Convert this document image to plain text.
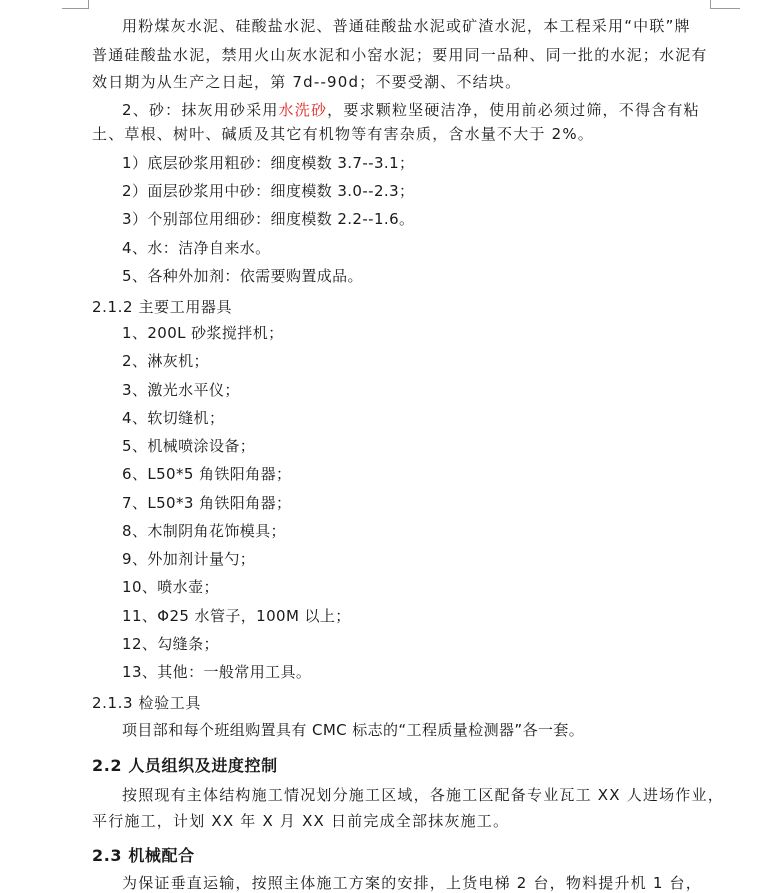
用粉煤灰水泥、硅酸盐水泥、普通硅酸盐水泥或矿渣水泥，本工程采用“中联”牌
普通硅酸盐水泥，禁用火山灰水泥和小窑水泥；要用同一品种、同一批的水泥；水泥有
效日期为从生产之日起，第 7d--90d；不要受潮、不结块。
2、砂：抹灰用砂采用水洗砂，要求颗粒坚硬洁净，使用前必须过筛，不得含有粘
土、草根、树叶、碱质及其它有机物等有害杂质，含水量不大于 2%。
1）底层砂浆用粗砂：细度模数 3.7--3.1；
2）面层砂浆用中砂：细度模数 3.0--2.3；
3）个别部位用细砂：细度模数 2.2--1.6。
4、水：洁净自来水。
5、各种外加剂：依需要购置成品。
2.1.2 主要工用器具
1、200L 砂浆搅拌机；
2、淋灰机；
3、激光水平仪；
4、软切缝机；
5、机械喷涂设备；
6、L50*5 角铁阳角器；
7、L50*3 角铁阳角器；
8、木制阴角花饰模具；
9、外加剂计量勺；
10、喷水壶；
11、Φ25 水管子，100M 以上；
12、勾缝条；
13、其他：一般常用工具。
2.1.3 检验工具
项目部和每个班组购置具有 CMC 标志的“工程质量检测器”各一套。
2.2 人员组织及进度控制
按照现有主体结构施工情况划分施工区域，各施工区配备专业瓦工 XX 人进场作业，
平行施工，计划 XX 年 X 月 XX 日前完成全部抹灰施工。
2.3 机械配合
为保证垂直运输，按照主体施工方案的安排，上货电梯 2 台，物料提升机 1 台，
